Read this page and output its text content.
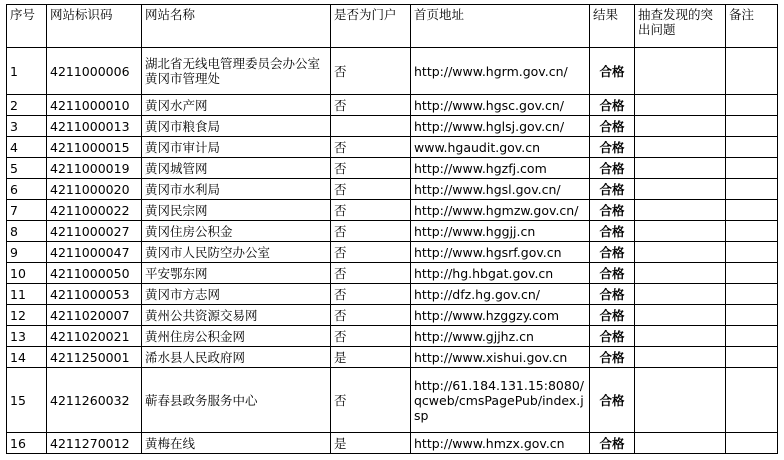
序号	网站标识码	网站名称	是否为门户	首页地址	结果	抽查发现的突出问题	备注
1	4211000006	湖北省无线电管理委员会办公室黄冈市管理处	否	http://www.hgrm.gov.cn/	合格		
2	4211000010	黄冈水产网	否	http://www.hgsc.gov.cn/	合格		
3	4211000013	黄冈市粮食局		http://www.hglsj.gov.cn/	合格		
4	4211000015	黄冈市审计局	否	www.hgaudit.gov.cn	合格		
5	4211000019	黄冈城管网	否	http://www.hgzfj.com	合格		
6	4211000020	黄冈市水利局	否	http://www.hgsl.gov.cn/	合格		
7	4211000022	黄冈民宗网	否	http://www.hgmzw.gov.cn/	合格		
8	4211000027	黄冈住房公积金	否	http://www.hggjj.cn	合格		
9	4211000047	黄冈市人民防空办公室	否	http://www.hgsrf.gov.cn	合格		
10	4211000050	平安鄂东网	否	http://hg.hbgat.gov.cn	合格		
11	4211000053	黄冈市方志网	否	http://dfz.hg.gov.cn/	合格		
12	4211020007	黄州公共资源交易网	否	http://www.hzggzy.com	合格		
13	4211020021	黄州住房公积金网	否	http://www.gjjhz.cn	合格		
14	4211250001	浠水县人民政府网	是	http://www.xishui.gov.cn	合格		
15	4211260032	蕲春县政务服务中心	否	http://61.184.131.15:8080/qcweb/cmsPagePub/index.jsp	合格		
16	4211270012	黄梅在线	是	http://www.hmzx.gov.cn	合格		
